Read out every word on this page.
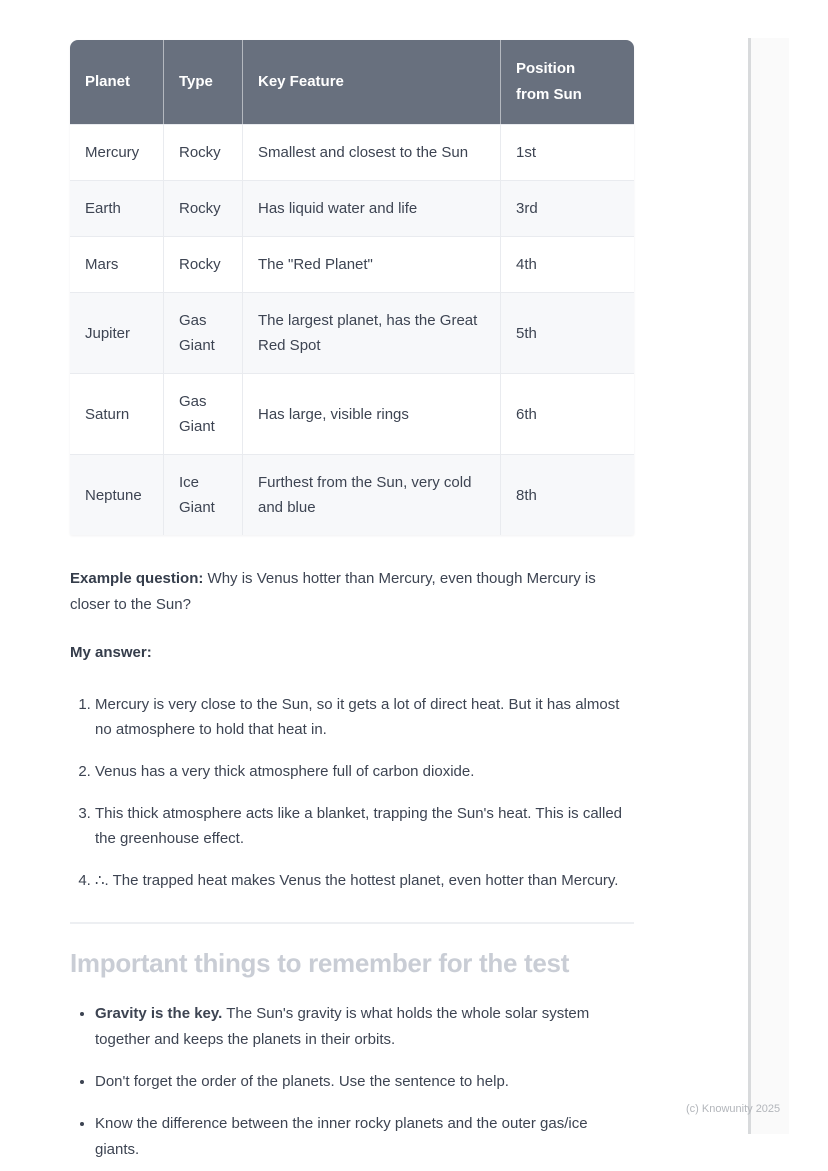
Planet	Type	Key Feature	Position from Sun
Mercury	Rocky	Smallest and closest to the Sun	1st
Earth	Rocky	Has liquid water and life	3rd
Mars	Rocky	The "Red Planet"	4th
Jupiter	Gas Giant	The largest planet, has the Great Red Spot	5th
Saturn	Gas Giant	Has large, visible rings	6th
Neptune	Ice Giant	Furthest from the Sun, very cold and blue	8th

Example question: Why is Venus hotter than Mercury, even though Mercury is closer to the Sun?

My answer:

1. Mercury is very close to the Sun, so it gets a lot of direct heat. But it has almost no atmosphere to hold that heat in.
2. Venus has a very thick atmosphere full of carbon dioxide.
3. This thick atmosphere acts like a blanket, trapping the Sun's heat. This is called the greenhouse effect.
4. ∴. The trapped heat makes Venus the hottest planet, even hotter than Mercury.
Important things to remember for the test
• Gravity is the key. The Sun's gravity is what holds the whole solar system together and keeps the planets in their orbits.
• Don't forget the order of the planets. Use the sentence to help.
• Know the difference between the inner rocky planets and the outer gas/ice giants.
(c) Knowunity 2025
